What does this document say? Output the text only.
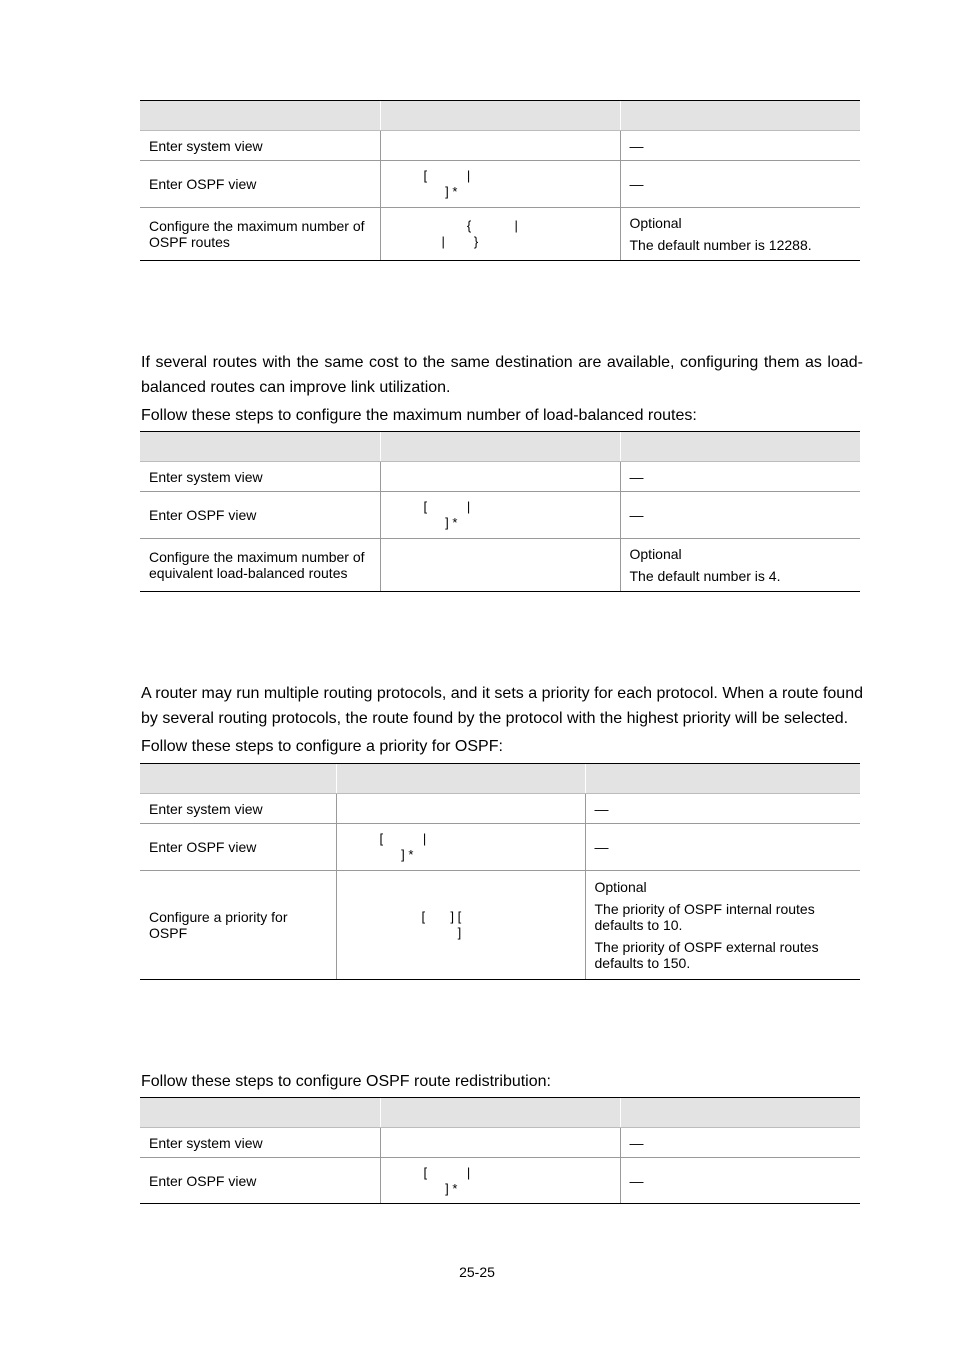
Enter system view		—

Enter OSPF view	[           |
] *	—

Configure the maximum number of OSPF routes	{            |
|        }	Optional
The default number is 12288.

If several routes with the same cost to the same destination are available, configuring them as load-balanced routes can improve link utilization.

Follow these steps to configure the maximum number of load-balanced routes:

Enter system view		—

Enter OSPF view	[           |
] *	—

Configure the maximum number of equivalent load-balanced routes		Optional
The default number is 4.

A router may run multiple routing protocols, and it sets a priority for each protocol. When a route found by several routing protocols, the route found by the protocol with the highest priority will be selected.

Follow these steps to configure a priority for OSPF:

Enter system view		—

Enter OSPF view	[           |
] *	—

Configure a priority for OSPF	[       ] [
]	Optional
The priority of OSPF internal routes defaults to 10.
The priority of OSPF external routes defaults to 150.

Follow these steps to configure OSPF route redistribution:

Enter system view		—

Enter OSPF view	[           |
] *	—
25-25
